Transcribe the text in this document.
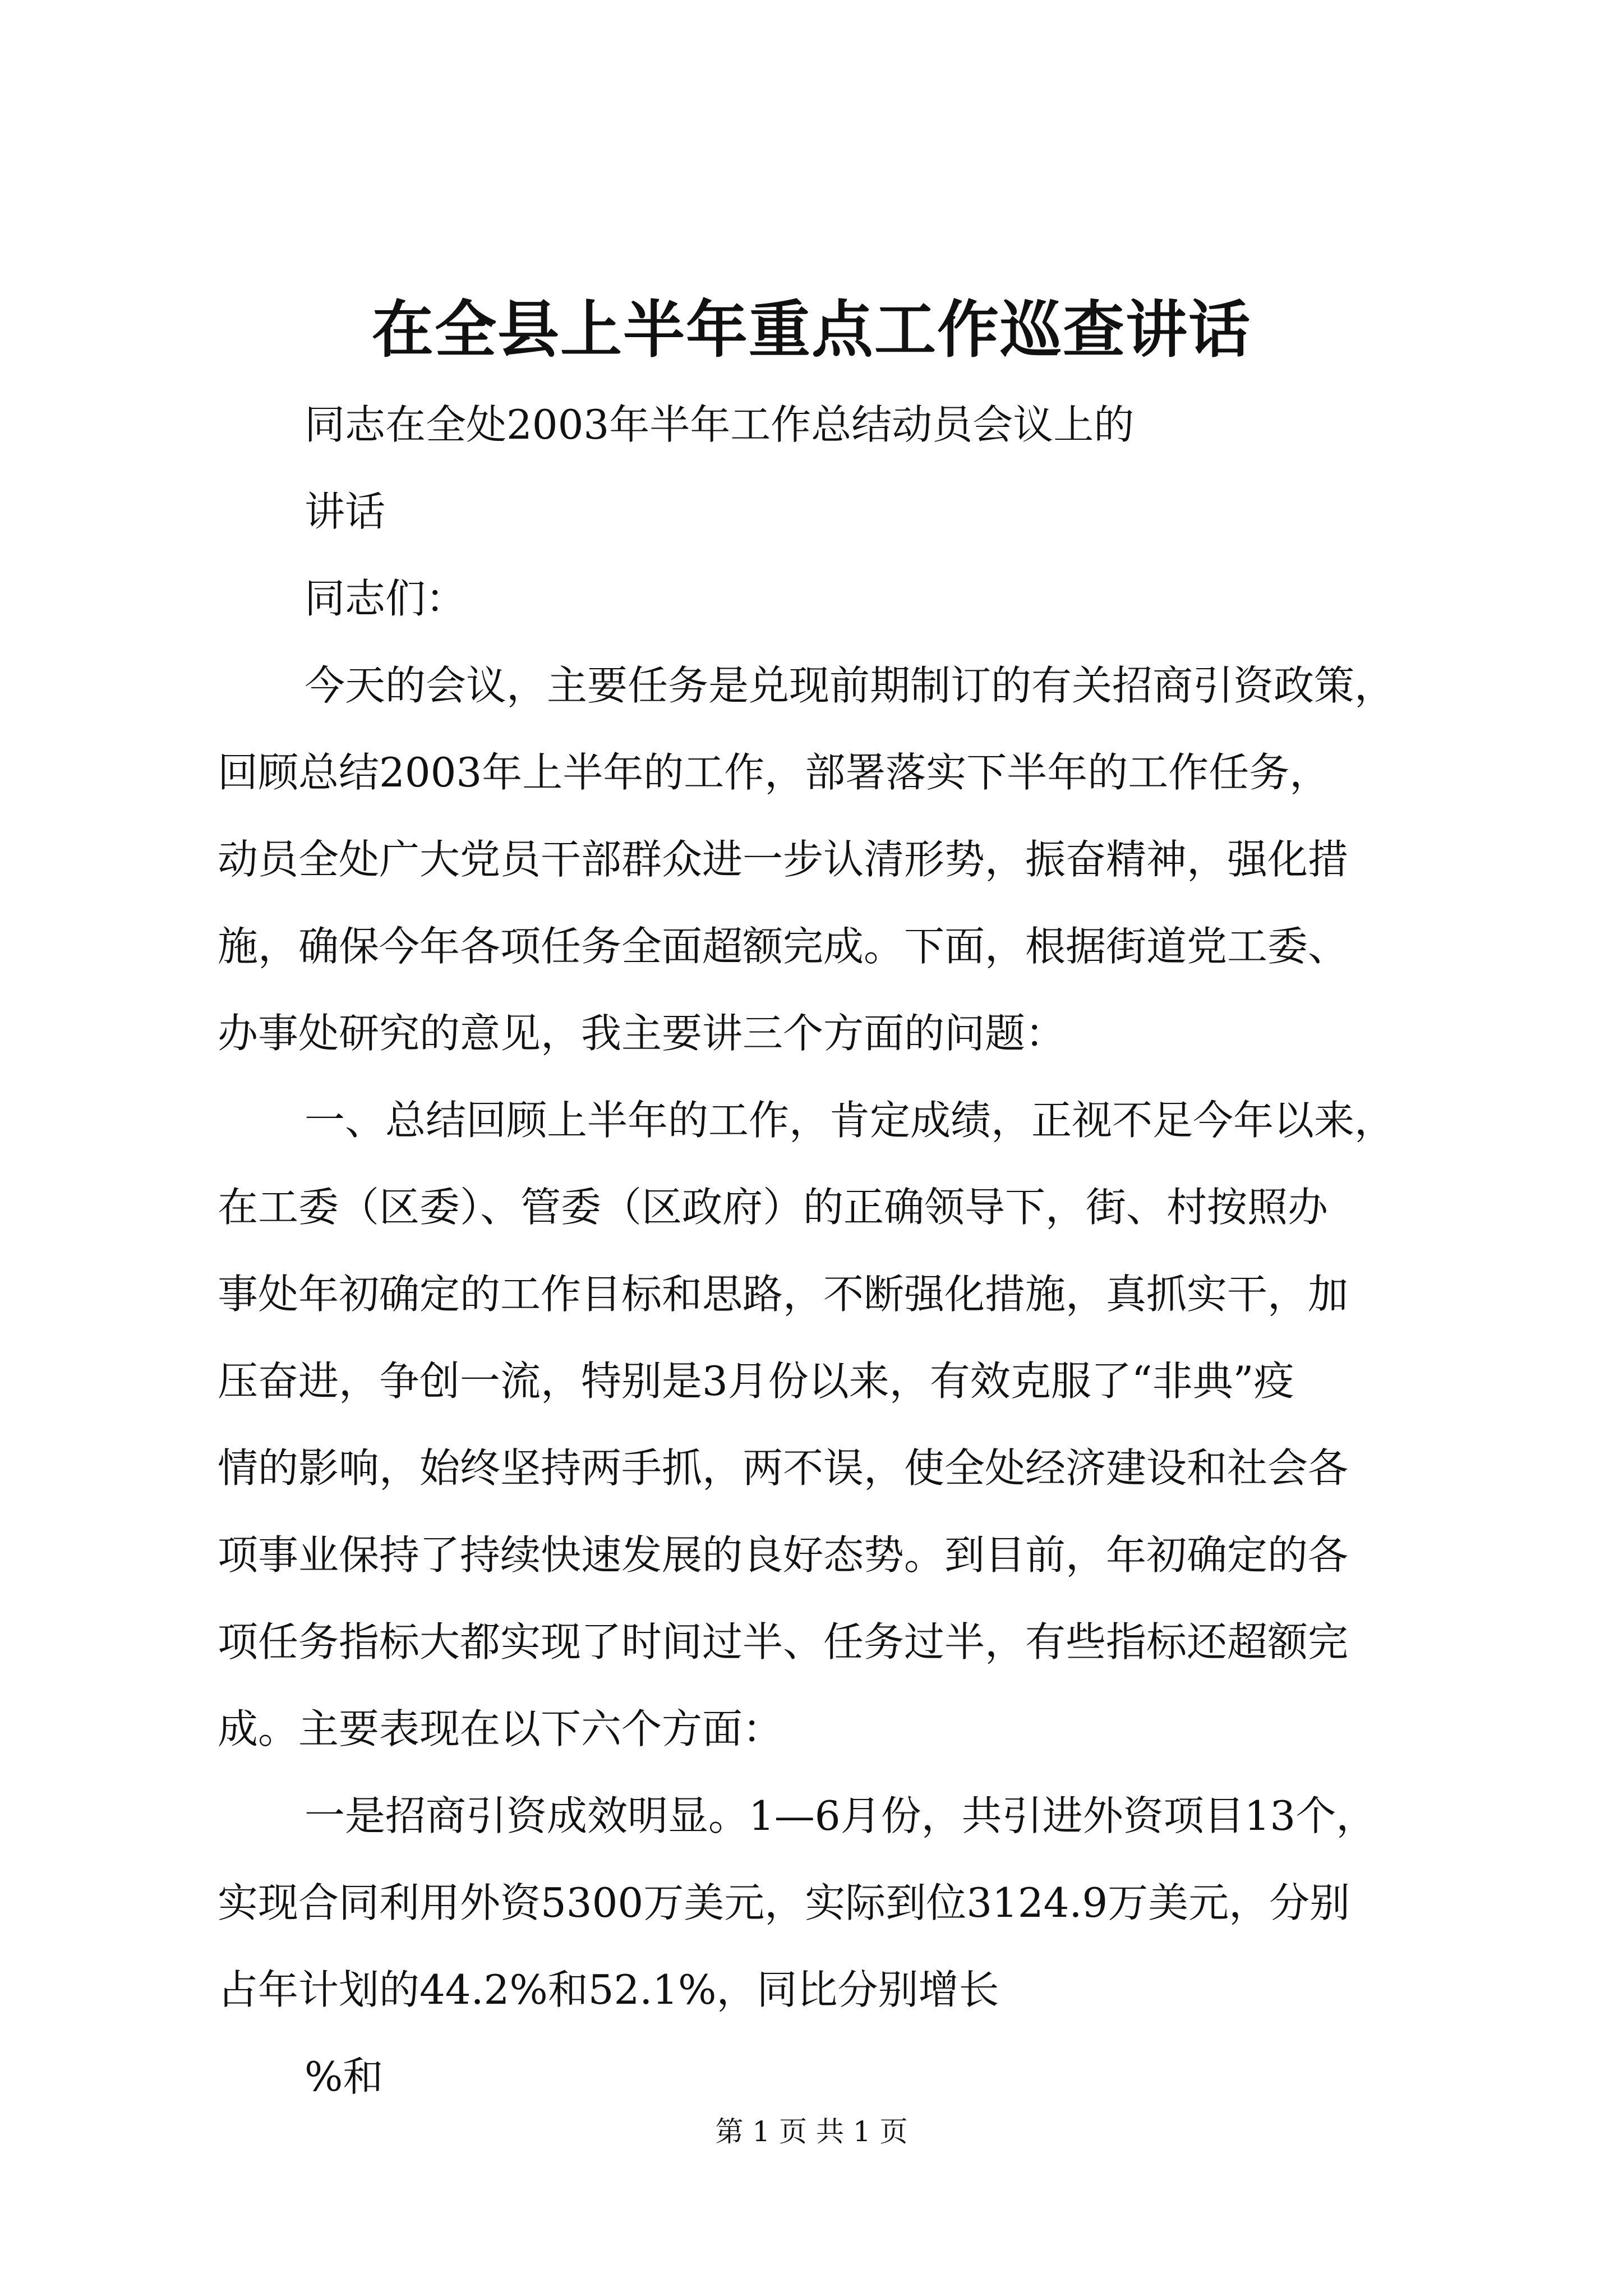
在全县上半年重点工作巡查讲话
同志在全处2003年半年工作总结动员会议上的
讲话
同志们：
今天的会议，主要任务是兑现前期制订的有关招商引资政策，
回顾总结2003年上半年的工作，部署落实下半年的工作任务，
动员全处广大党员干部群众进一步认清形势，振奋精神，强化措
施，确保今年各项任务全面超额完成。下面，根据街道党工委、
办事处研究的意见，我主要讲三个方面的问题：
一、总结回顾上半年的工作，肯定成绩，正视不足今年以来，
在工委（区委）、管委（区政府）的正确领导下，街、村按照办
事处年初确定的工作目标和思路，不断强化措施，真抓实干，加
压奋进，争创一流，特别是3月份以来，有效克服了“非典”疫
情的影响，始终坚持两手抓，两不误，使全处经济建设和社会各
项事业保持了持续快速发展的良好态势。到目前，年初确定的各
项任务指标大都实现了时间过半、任务过半，有些指标还超额完
成。主要表现在以下六个方面：
一是招商引资成效明显。1—6月份，共引进外资项目13个，
实现合同利用外资5300万美元，实际到位3124.9万美元，分别
占年计划的44.2%和52.1%，同比分别增长
%和
第 1 页 共 1 页
